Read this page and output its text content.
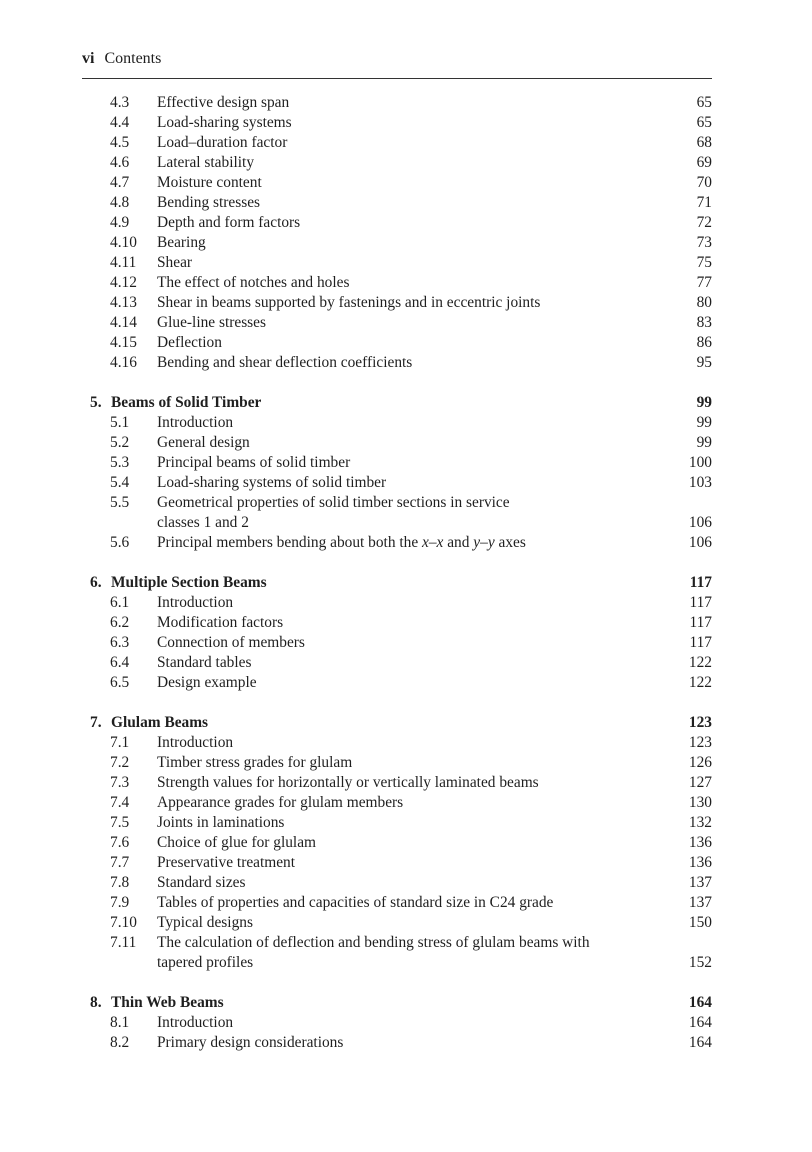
vi Contents
4.3 Effective design span	65
4.4 Load-sharing systems	65
4.5 Load–duration factor	68
4.6 Lateral stability	69
4.7 Moisture content	70
4.8 Bending stresses	71
4.9 Depth and form factors	72
4.10 Bearing	73
4.11 Shear	75
4.12 The effect of notches and holes	77
4.13 Shear in beams supported by fastenings and in eccentric joints	80
4.14 Glue-line stresses	83
4.15 Deflection	86
4.16 Bending and shear deflection coefficients	95
5. Beams of Solid Timber	99
5.1 Introduction	99
5.2 General design	99
5.3 Principal beams of solid timber	100
5.4 Load-sharing systems of solid timber	103
5.5 Geometrical properties of solid timber sections in service
classes 1 and 2	106
5.6 Principal members bending about both the x–x and y–y axes	106
6. Multiple Section Beams	117
6.1 Introduction	117
6.2 Modification factors	117
6.3 Connection of members	117
6.4 Standard tables	122
6.5 Design example	122
7. Glulam Beams	123
7.1 Introduction	123
7.2 Timber stress grades for glulam	126
7.3 Strength values for horizontally or vertically laminated beams	127
7.4 Appearance grades for glulam members	130
7.5 Joints in laminations	132
7.6 Choice of glue for glulam	136
7.7 Preservative treatment	136
7.8 Standard sizes	137
7.9 Tables of properties and capacities of standard size in C24 grade	137
7.10 Typical designs	150
7.11 The calculation of deflection and bending stress of glulam beams with
tapered profiles	152
8. Thin Web Beams	164
8.1 Introduction	164
8.2 Primary design considerations	164
